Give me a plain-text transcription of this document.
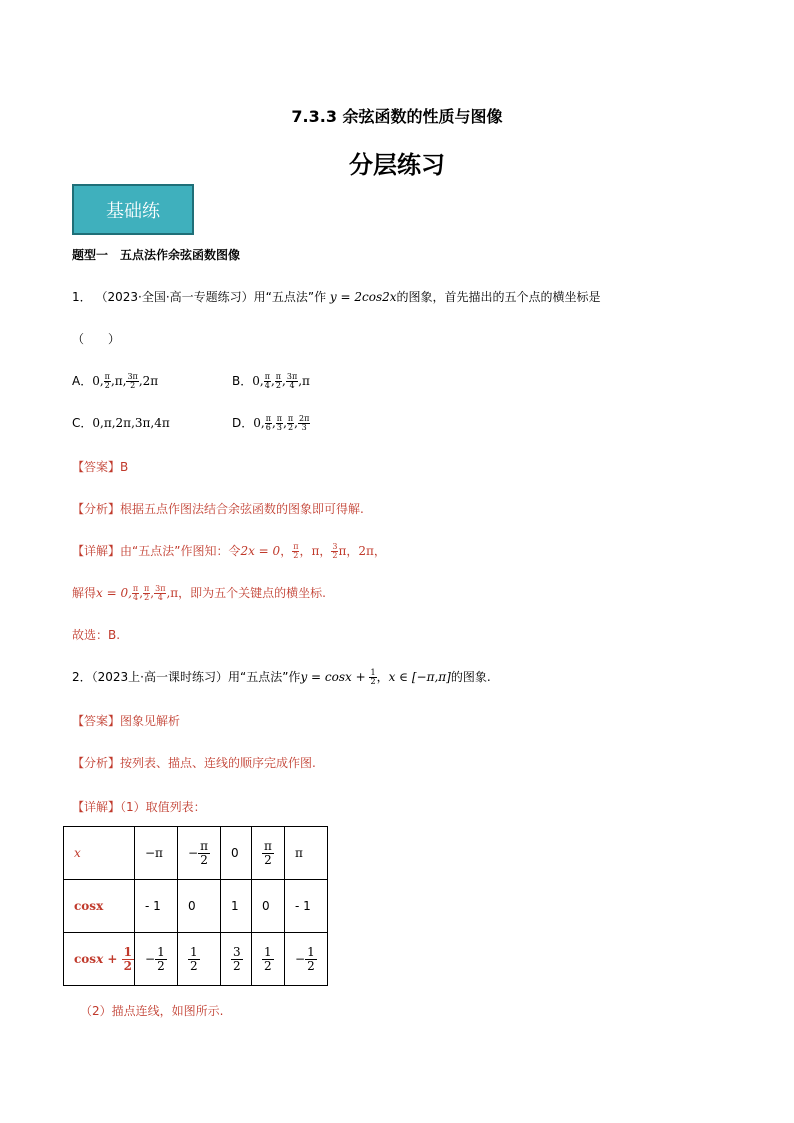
7.3.3 余弦函数的性质与图像
分层练习
基础练
题型一　五点法作余弦函数图像
1． （2023·全国·高一专题练习）用“五点法”作 y = 2cos2x的图象，首先描出的五个点的横坐标是
（　　）
A．0, $\frac{\pi}{2} ,\pi$, $\frac{3\pi}{2} ,2\pi$	B．0, $\frac{\pi}{4}$ , $\frac{\pi}{2}$ , $\frac{3\pi}{4} ,\pi$
C．0,π,2π,3π,4π	D．0, $\frac{\pi}{6}$ , $\frac{\pi}{3}$ , $\frac{\pi}{2}$ , $\frac{2\pi}{3}$
【答案】B
【分析】根据五点作图法结合余弦函数的图象即可得解.
【详解】由“五点法”作图知：令2x = 0， $\frac{\pi}{2}$ ，π， $\frac{3}{2}$ π，2π，
解得x = 0, $\frac{\pi}{4}$ , $\frac{\pi}{2}$ , $\frac{3\pi}{4} ,\pi$，即为五个关键点的横坐标.
故选：B.
2．（2023上·高一课时练习）用“五点法”作$y = \cos x + \frac{1}{2}$ ，x ∈ [−π,π]的图象.
【答案】图象见解析
【分析】按列表、描点、连线的顺序完成作图.
【详解】（1）取值列表：
x	−π	− $\frac{\pi}{2}$	0	$\frac{\pi}{2}$	π
cosx	- 1	0	1	0	- 1
$\cos x + \frac{1}{2}$	− $\frac{1}{2}$	$\frac{1}{2}$	$\frac{3}{2}$	$\frac{1}{2}$	− $\frac{1}{2}$
（2）描点连线，如图所示.
